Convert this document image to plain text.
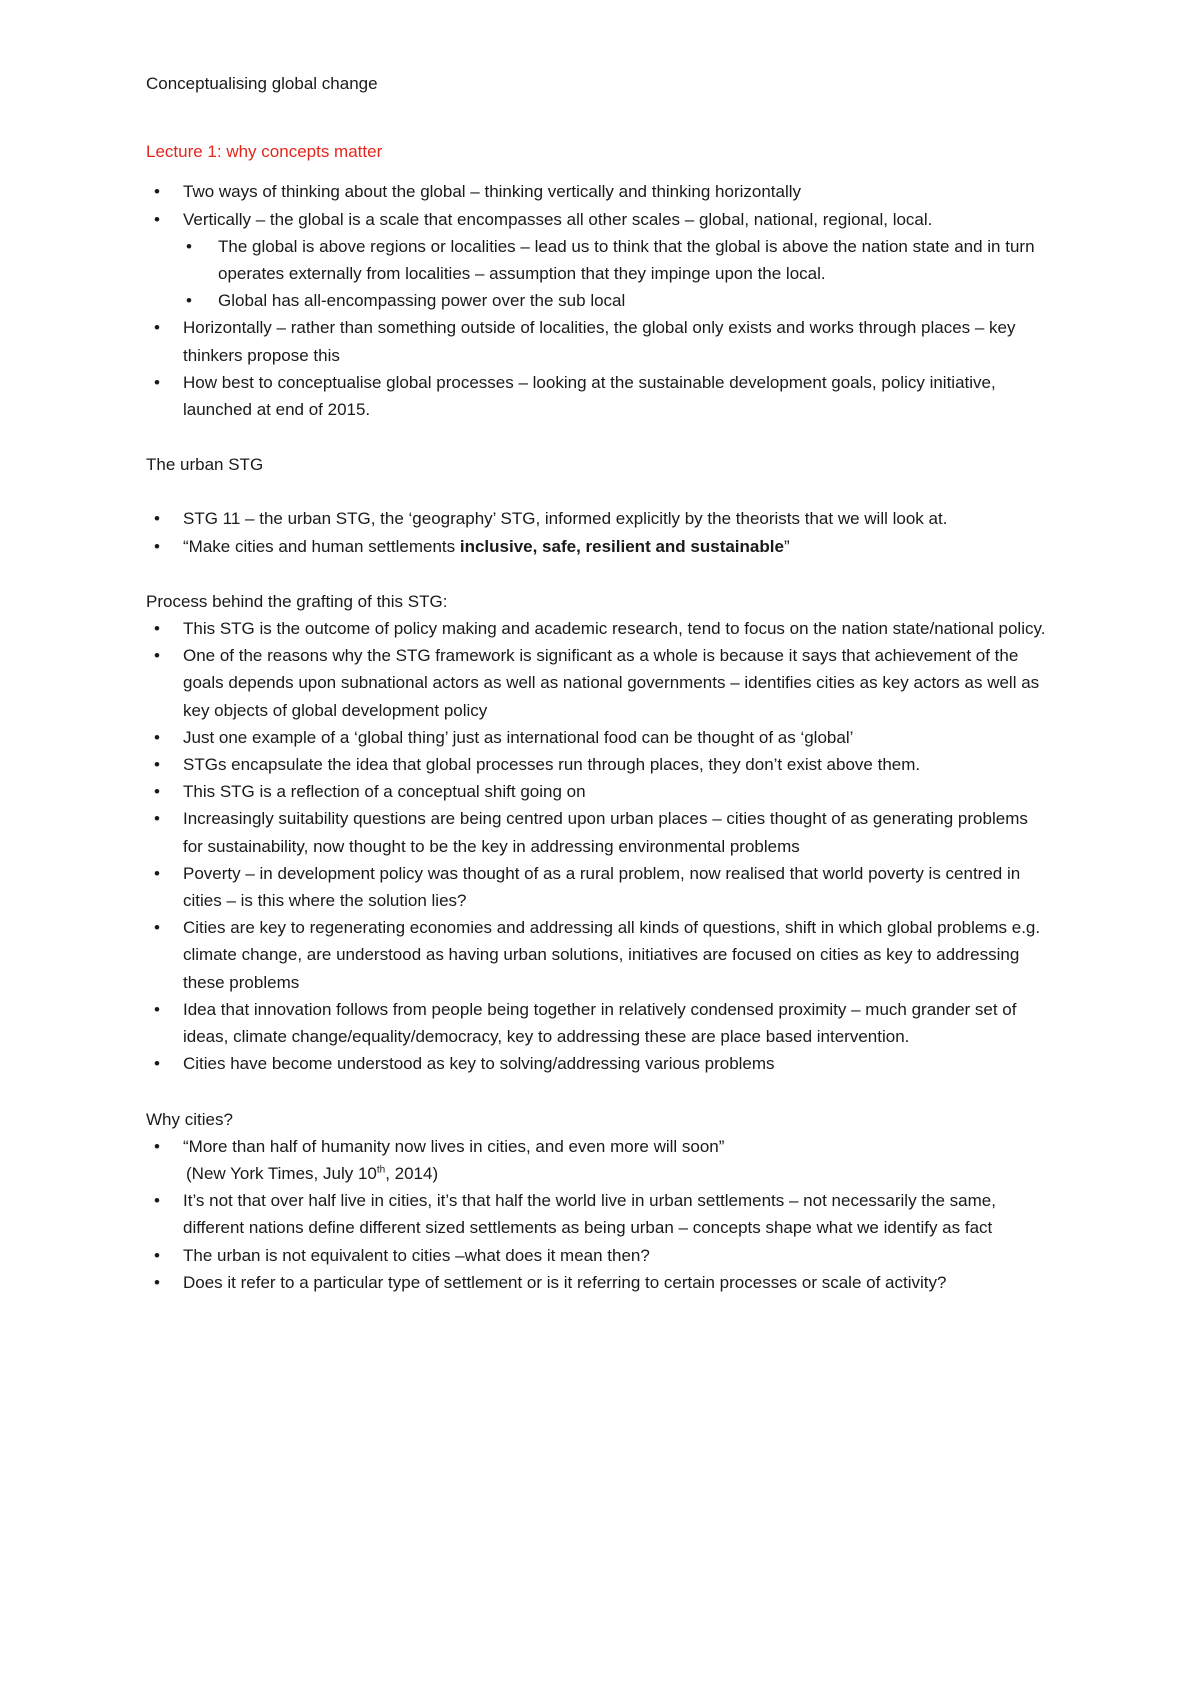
Conceptualising global change
Lecture 1: why concepts matter
• Two ways of thinking about the global – thinking vertically and thinking horizontally
• Vertically – the global is a scale that encompasses all other scales – global, national, regional, local.
• The global is above regions or localities – lead us to think that the global is above the nation state and in turn operates externally from localities – assumption that they impinge upon the local.
• Global has all-encompassing power over the sub local
• Horizontally – rather than something outside of localities, the global only exists and works through places – key thinkers propose this
• How best to conceptualise global processes – looking at the sustainable development goals, policy initiative, launched at end of 2015.
The urban STG
• STG 11 – the urban STG, the ‘geography’ STG, informed explicitly by the theorists that we will look at.
• “Make cities and human settlements inclusive, safe, resilient and sustainable”
Process behind the grafting of this STG:
• This STG is the outcome of policy making and academic research, tend to focus on the nation state/national policy.
• One of the reasons why the STG framework is significant as a whole is because it says that achievement of the goals depends upon subnational actors as well as national governments – identifies cities as key actors as well as key objects of global development policy
• Just one example of a ‘global thing’ just as international food can be thought of as ‘global’
• STGs encapsulate the idea that global processes run through places, they don’t exist above them.
• This STG is a reflection of a conceptual shift going on
• Increasingly suitability questions are being centred upon urban places – cities thought of as generating problems for sustainability, now thought to be the key in addressing environmental problems
• Poverty – in development policy was thought of as a rural problem, now realised that world poverty is centred in cities – is this where the solution lies?
• Cities are key to regenerating economies and addressing all kinds of questions, shift in which global problems e.g. climate change, are understood as having urban solutions, initiatives are focused on cities as key to addressing these problems
• Idea that innovation follows from people being together in relatively condensed proximity – much grander set of ideas, climate change/equality/democracy, key to addressing these are place based intervention.
• Cities have become understood as key to solving/addressing various problems
Why cities?
• “More than half of humanity now lives in cities, and even more will soon”
(New York Times, July 10th, 2014)
• It’s not that over half live in cities, it’s that half the world live in urban settlements – not necessarily the same, different nations define different sized settlements as being urban – concepts shape what we identify as fact
• The urban is not equivalent to cities –what does it mean then?
• Does it refer to a particular type of settlement or is it referring to certain processes or scale of activity?
